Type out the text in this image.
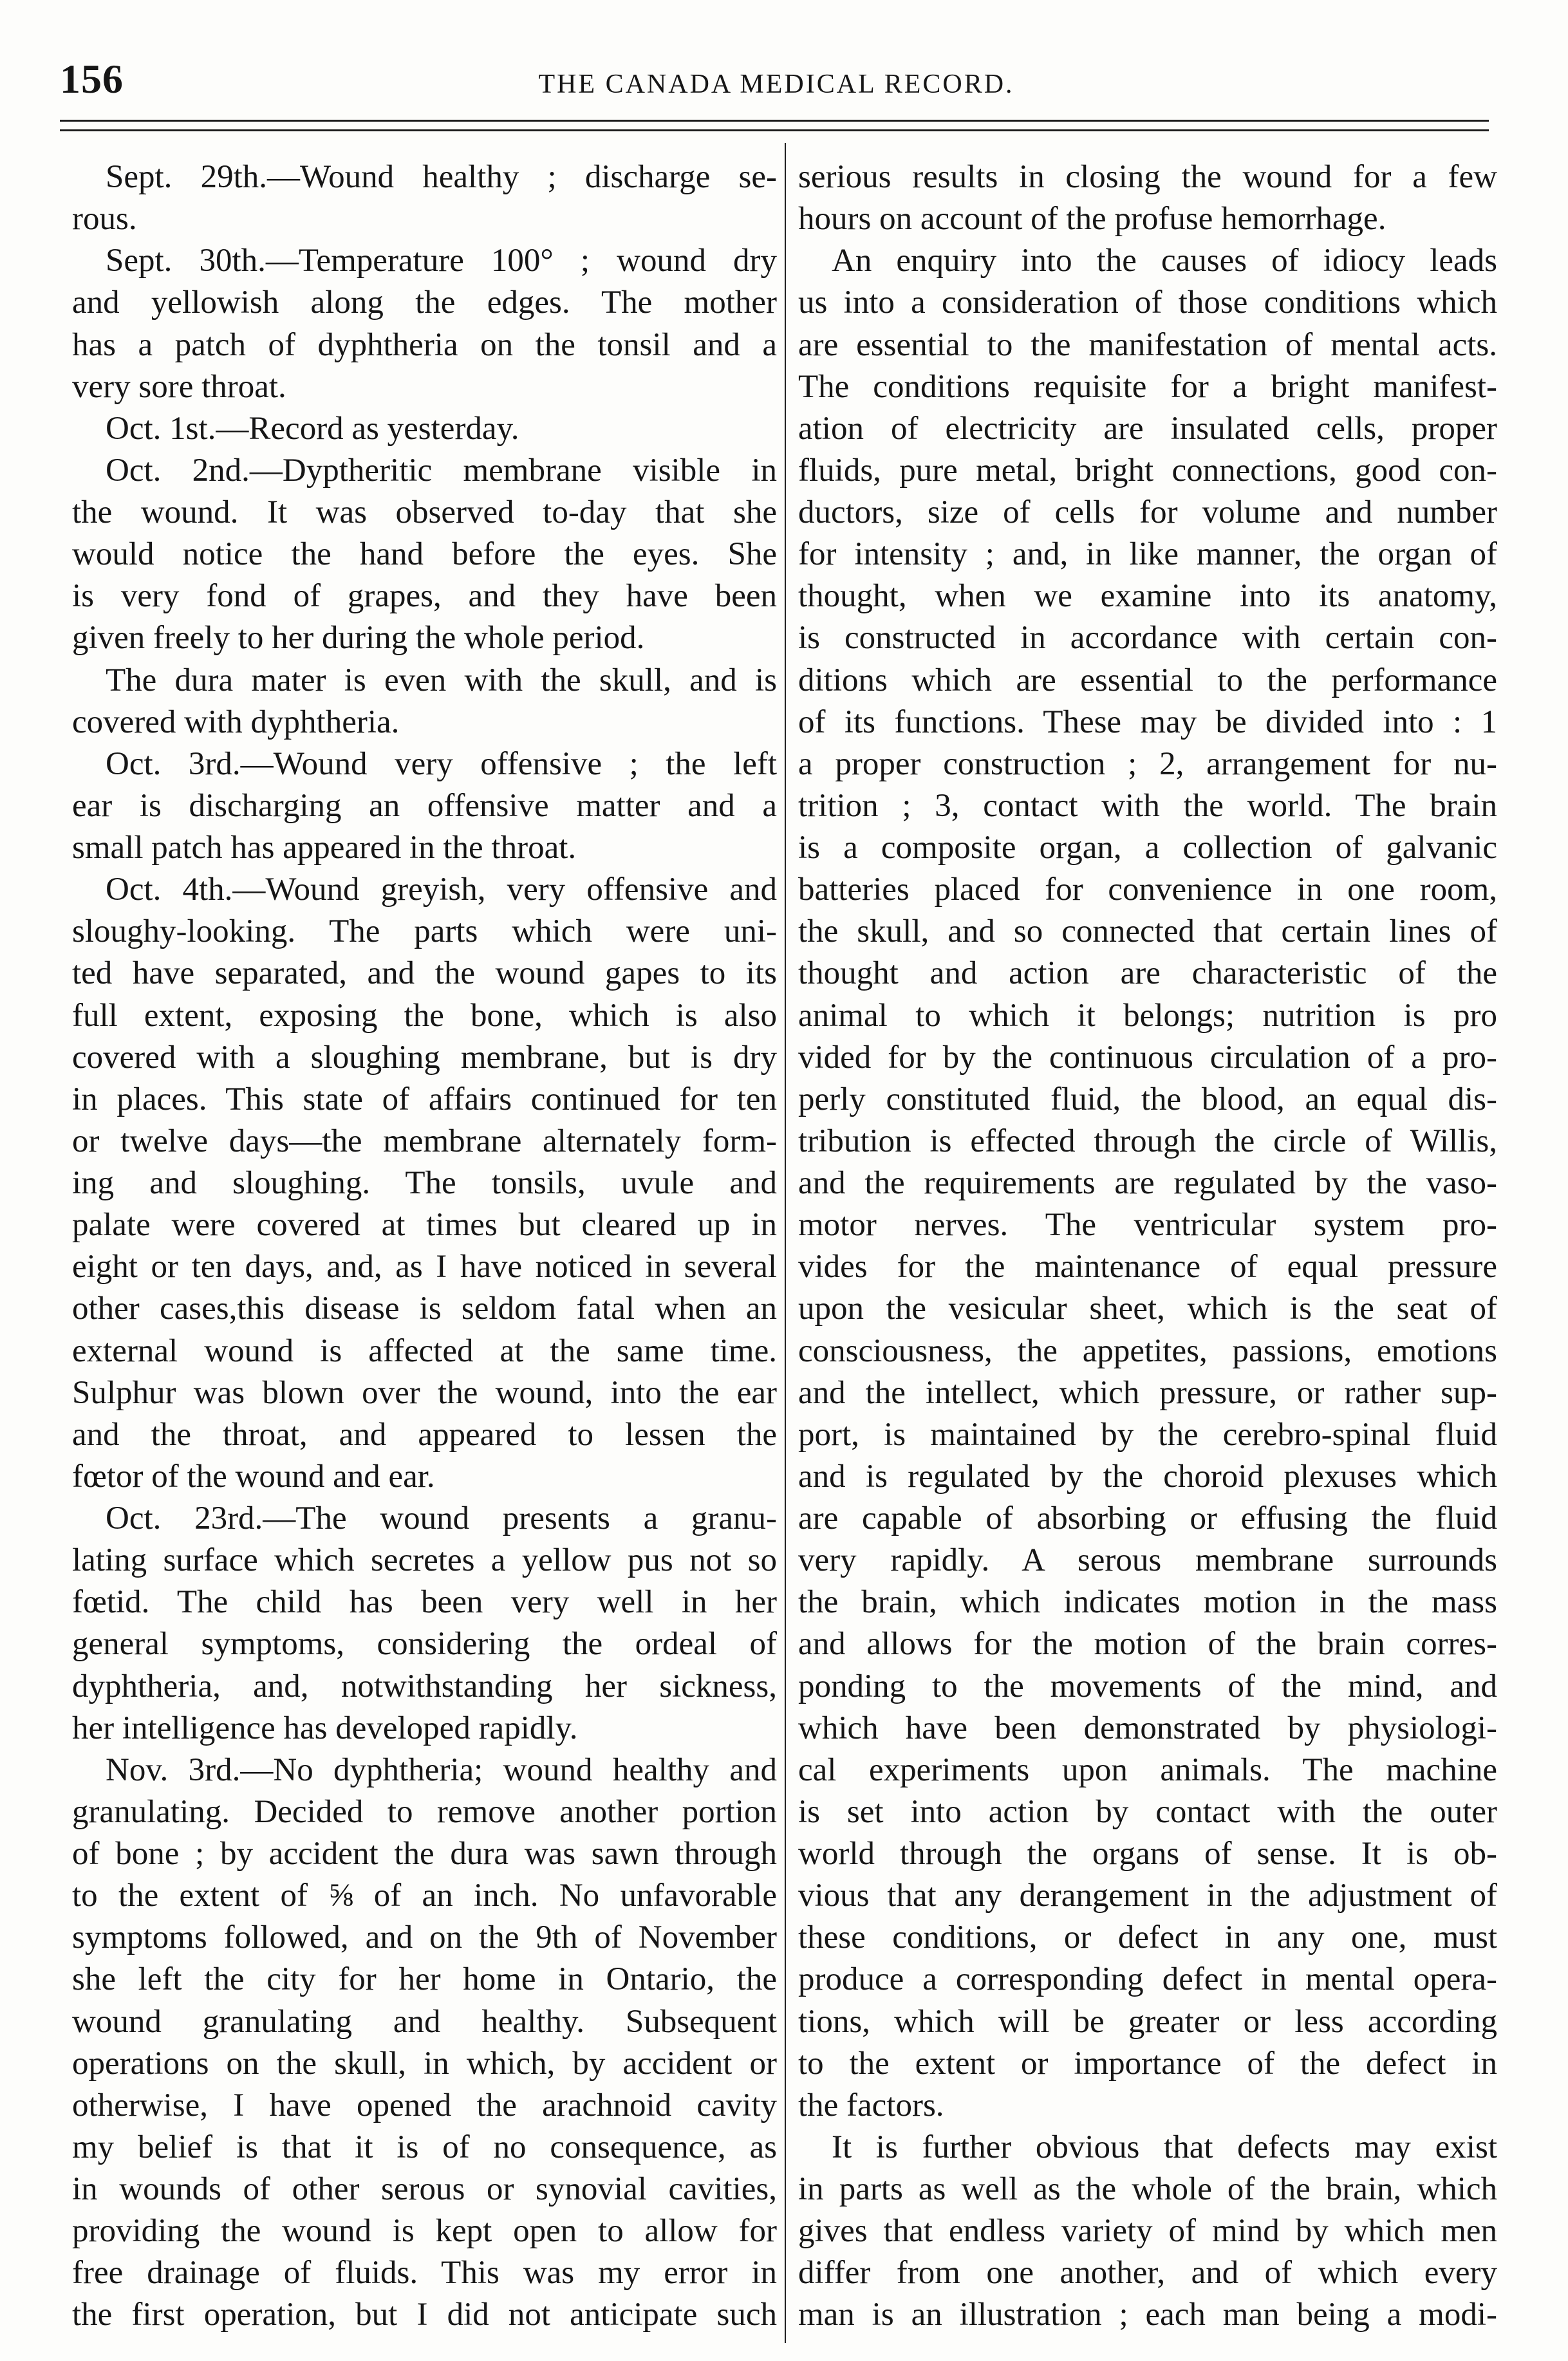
156	THE CANADA MEDICAL RECORD.
Sept. 29th.—Wound healthy ; discharge se-
rous.
Sept. 30th.—Temperature 100° ; wound dry
and yellowish along the edges. The mother
has a patch of dyphtheria on the tonsil and a
very sore throat.
Oct. 1st.—Record as yesterday.
Oct. 2nd.—Dyptheritic membrane visible in
the wound. It was observed to-day that she
would notice the hand before the eyes. She
is very fond of grapes, and they have been
given freely to her during the whole period.
The dura mater is even with the skull, and is
covered with dyphtheria.
Oct. 3rd.—Wound very offensive ; the left
ear is discharging an offensive matter and a
small patch has appeared in the throat.
Oct. 4th.—Wound greyish, very offensive and
sloughy-looking. The parts which were uni-
ted have separated, and the wound gapes to its
full extent, exposing the bone, which is also
covered with a sloughing membrane, but is dry
in places. This state of affairs continued for ten
or twelve days—the membrane alternately form-
ing and sloughing. The tonsils, uvule and
palate were covered at times but cleared up in
eight or ten days, and, as I have noticed in several
other cases,this disease is seldom fatal when an
external wound is affected at the same time.
Sulphur was blown over the wound, into the ear
and the throat, and appeared to lessen the
fœtor of the wound and ear.
Oct. 23rd.—The wound presents a granu-
lating surface which secretes a yellow pus not so
fœtid. The child has been very well in her
general symptoms, considering the ordeal of
dyphtheria, and, notwithstanding her sickness,
her intelligence has developed rapidly.
Nov. 3rd.—No dyphtheria; wound healthy and
granulating. Decided to remove another portion
of bone ; by accident the dura was sawn through
to the extent of ⅝ of an inch. No unfavorable
symptoms followed, and on the 9th of November
she left the city for her home in Ontario, the
wound granulating and healthy. Subsequent
operations on the skull, in which, by accident or
otherwise, I have opened the arachnoid cavity
my belief is that it is of no consequence, as
in wounds of other serous or synovial cavities,
providing the wound is kept open to allow for
free drainage of fluids. This was my error in
the first operation, but I did not anticipate such
serious results in closing the wound for a few
hours on account of the profuse hemorrhage.
An enquiry into the causes of idiocy leads
us into a consideration of those conditions which
are essential to the manifestation of mental acts.
The conditions requisite for a bright manifest-
ation of electricity are insulated cells, proper
fluids, pure metal, bright connections, good con-
ductors, size of cells for volume and number
for intensity ; and, in like manner, the organ of
thought, when we examine into its anatomy,
is constructed in accordance with certain con-
ditions which are essential to the performance
of its functions. These may be divided into : 1
a proper construction ; 2, arrangement for nu-
trition ; 3, contact with the world. The brain
is a composite organ, a collection of galvanic
batteries placed for convenience in one room,
the skull, and so connected that certain lines of
thought and action are characteristic of the
animal to which it belongs; nutrition is pro
vided for by the continuous circulation of a pro-
perly constituted fluid, the blood, an equal dis-
tribution is effected through the circle of Willis,
and the requirements are regulated by the vaso-
motor nerves. The ventricular system pro-
vides for the maintenance of equal pressure
upon the vesicular sheet, which is the seat of
consciousness, the appetites, passions, emotions
and the intellect, which pressure, or rather sup-
port, is maintained by the cerebro-spinal fluid
and is regulated by the choroid plexuses which
are capable of absorbing or effusing the fluid
very rapidly. A serous membrane surrounds
the brain, which indicates motion in the mass
and allows for the motion of the brain corres-
ponding to the movements of the mind, and
which have been demonstrated by physiologi-
cal experiments upon animals. The machine
is set into action by contact with the outer
world through the organs of sense. It is ob-
vious that any derangement in the adjustment of
these conditions, or defect in any one, must
produce a corresponding defect in mental opera-
tions, which will be greater or less according
to the extent or importance of the defect in
the factors.
It is further obvious that defects may exist
in parts as well as the whole of the brain, which
gives that endless variety of mind by which men
differ from one another, and of which every
man is an illustration ; each man being a modi-
